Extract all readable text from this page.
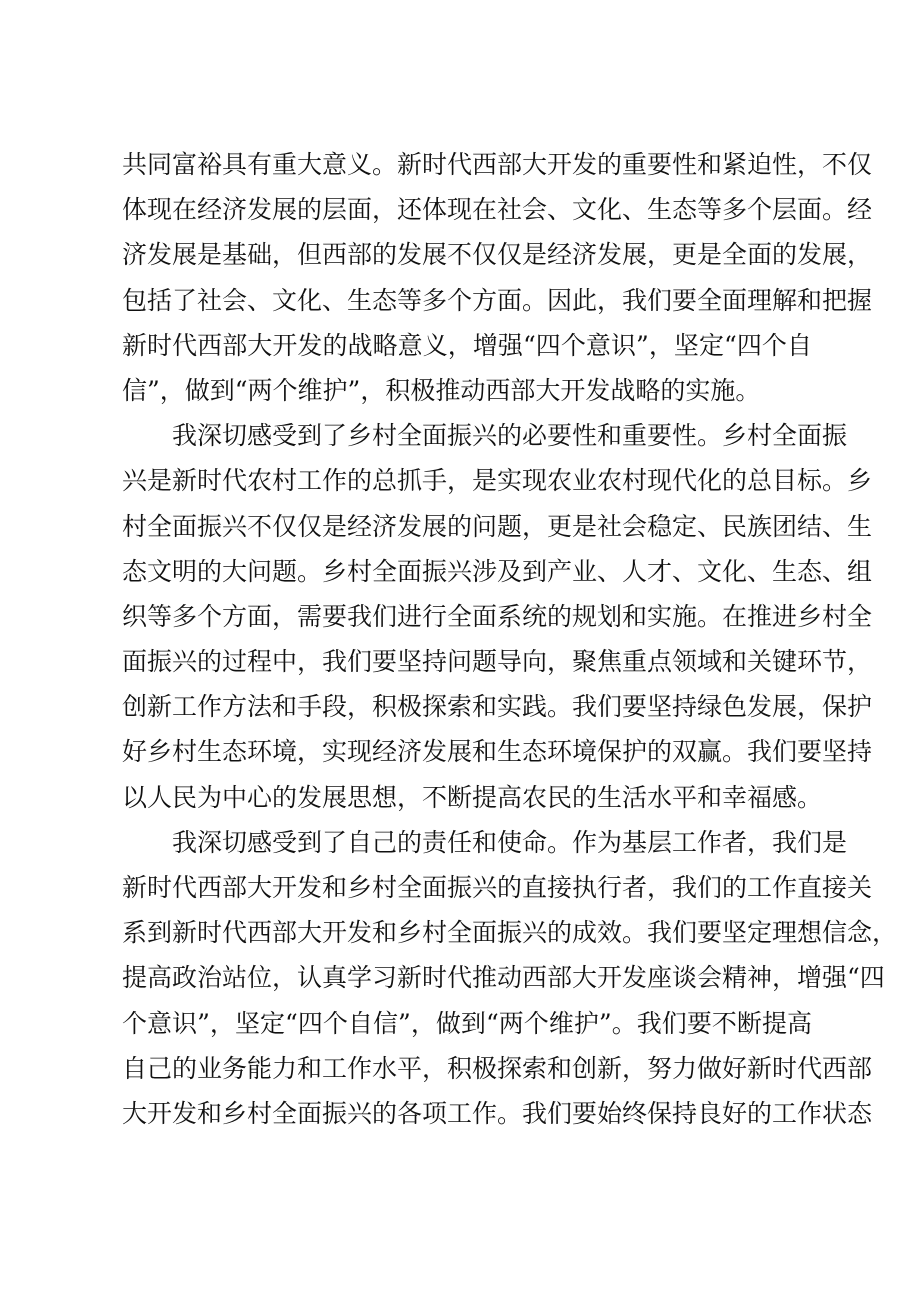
共同富裕具有重大意义。新时代西部大开发的重要性和紧迫性，不仅
体现在经济发展的层面，还体现在社会、文化、生态等多个层面。经
济发展是基础，但西部的发展不仅仅是经济发展，更是全面的发展，
包括了社会、文化、生态等多个方面。因此，我们要全面理解和把握
新时代西部大开发的战略意义，增强“四个意识”，坚定“四个自
信”，做到“两个维护”，积极推动西部大开发战略的实施。
　　我深切感受到了乡村全面振兴的必要性和重要性。乡村全面振
兴是新时代农村工作的总抓手，是实现农业农村现代化的总目标。乡
村全面振兴不仅仅是经济发展的问题，更是社会稳定、民族团结、生
态文明的大问题。乡村全面振兴涉及到产业、人才、文化、生态、组
织等多个方面，需要我们进行全面系统的规划和实施。在推进乡村全
面振兴的过程中，我们要坚持问题导向，聚焦重点领域和关键环节，
创新工作方法和手段，积极探索和实践。我们要坚持绿色发展，保护
好乡村生态环境，实现经济发展和生态环境保护的双赢。我们要坚持
以人民为中心的发展思想，不断提高农民的生活水平和幸福感。
　　我深切感受到了自己的责任和使命。作为基层工作者，我们是
新时代西部大开发和乡村全面振兴的直接执行者，我们的工作直接关
系到新时代西部大开发和乡村全面振兴的成效。我们要坚定理想信念，
提高政治站位，认真学习新时代推动西部大开发座谈会精神，增强“四
个意识”，坚定“四个自信”，做到“两个维护”。我们要不断提高
自己的业务能力和工作水平，积极探索和创新，努力做好新时代西部
大开发和乡村全面振兴的各项工作。我们要始终保持良好的工作状态
